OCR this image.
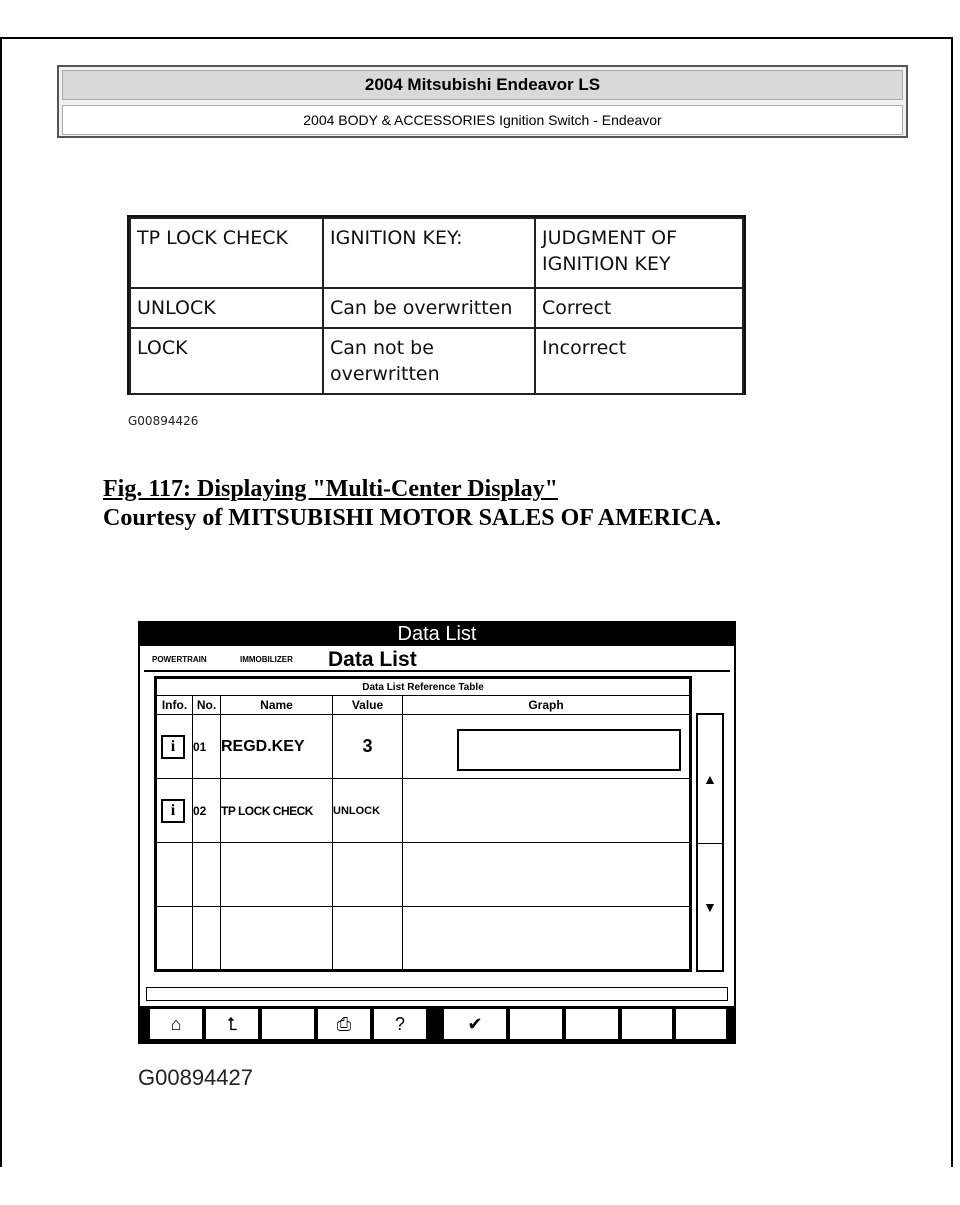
2004 Mitsubishi Endeavor LS
2004 BODY & ACCESSORIES Ignition Switch - Endeavor
TP LOCK CHECK	IGNITION KEY:	JUDGMENT OF IGNITION KEY
UNLOCK	Can be overwritten	Correct
LOCK	Can not be overwritten	Incorrect
G00894426
Fig. 117: Displaying "Multi-Center Display"
Courtesy of MITSUBISHI MOTOR SALES OF AMERICA.
Data List
POWERTRAIN	IMMOBILIZER Data List
Data List Reference Table				
Info.	No.	Name	Value	Graph
i	01	REGD.KEY	3	

i	02	TP LOCK CHECK	UNLOCK	

▲
▼
⌂	⮤	⎙	?	✔
G00894427
